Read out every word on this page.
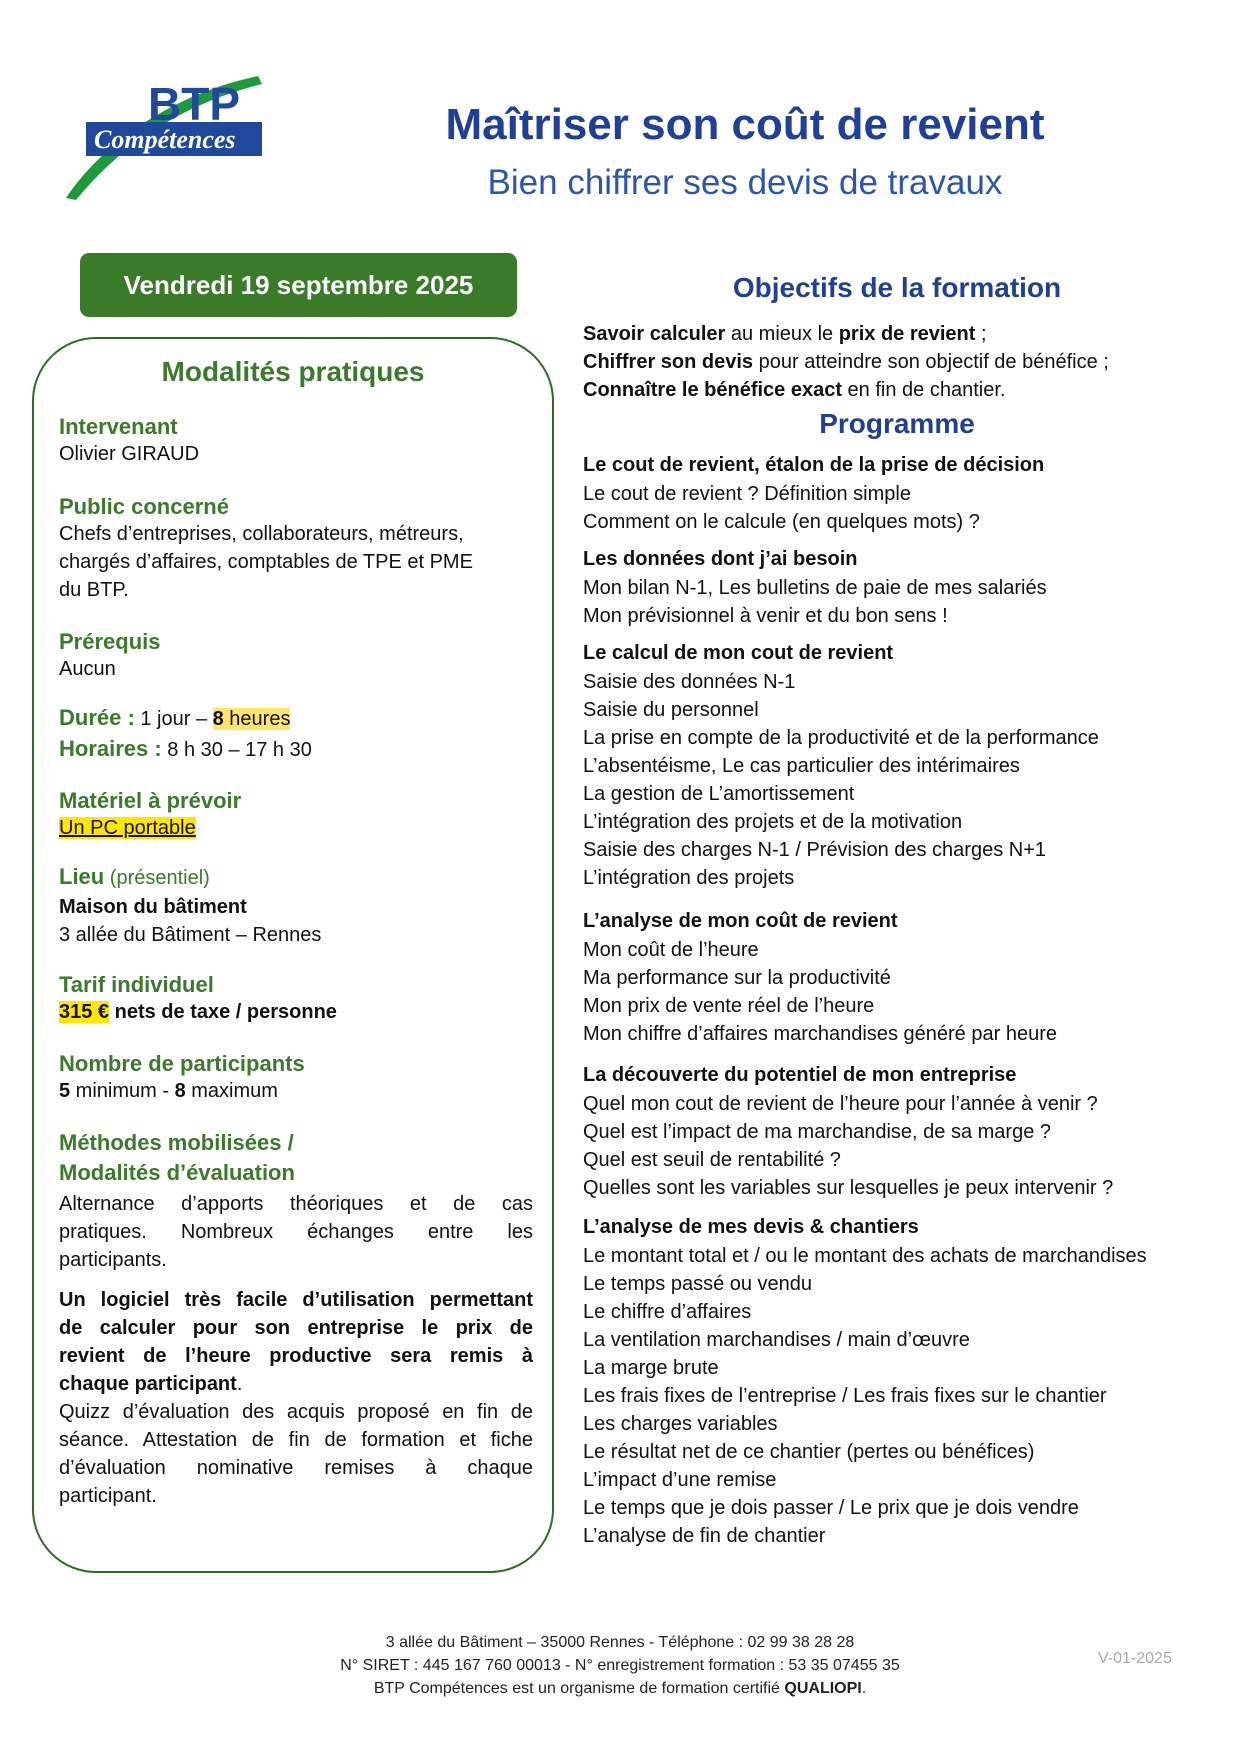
BTP
Compétences	Maîtriser son coût de revient
Bien chiffrer ses devis de travaux
Vendredi 19 septembre 2025
Modalités pratiques
Intervenant
Olivier GIRAUD
Public concerné
Chefs d’entreprises, collaborateurs, métreurs,
chargés d’affaires, comptables de TPE et PME
du BTP.
Prérequis
Aucun
Durée : 1 jour – 8 heures
Horaires : 8 h 30 – 17 h 30
Matériel à prévoir
Un PC portable
Lieu (présentiel)
Maison du bâtiment
3 allée du Bâtiment – Rennes
Tarif individuel
315 € nets de taxe / personne
Nombre de participants
5 minimum - 8 maximum
Méthodes mobilisées /
Modalités d’évaluation
Alternance d’apports théoriques et de cas
pratiques. Nombreux échanges entre les
participants.
Un logiciel très facile d’utilisation permettant
de calculer pour son entreprise le prix de
revient de l’heure productive sera remis à
chaque participant.
Quizz d’évaluation des acquis proposé en fin de
séance. Attestation de fin de formation et fiche
d’évaluation nominative remises à chaque
participant.
Objectifs de la formation
Savoir calculer au mieux le prix de revient ;
Chiffrer son devis pour atteindre son objectif de bénéfice ;
Connaître le bénéfice exact en fin de chantier.
Programme
Le cout de revient, étalon de la prise de décision
Le cout de revient ? Définition simple
Comment on le calcule (en quelques mots) ?
Les données dont j’ai besoin
Mon bilan N-1, Les bulletins de paie de mes salariés
Mon prévisionnel à venir et du bon sens !
Le calcul de mon cout de revient
Saisie des données N-1
Saisie du personnel
La prise en compte de la productivité et de la performance
L’absentéisme, Le cas particulier des intérimaires
La gestion de L’amortissement
L’intégration des projets et de la motivation
Saisie des charges N-1 / Prévision des charges N+1
L’intégration des projets
L’analyse de mon coût de revient
Mon coût de l’heure
Ma performance sur la productivité
Mon prix de vente réel de l’heure
Mon chiffre d’affaires marchandises généré par heure
La découverte du potentiel de mon entreprise
Quel mon cout de revient de l’heure pour l’année à venir ?
Quel est l’impact de ma marchandise, de sa marge ?
Quel est seuil de rentabilité ?
Quelles sont les variables sur lesquelles je peux intervenir ?
L’analyse de mes devis & chantiers
Le montant total et / ou le montant des achats de marchandises
Le temps passé ou vendu
Le chiffre d’affaires
La ventilation marchandises / main d’œuvre
La marge brute
Les frais fixes de l’entreprise / Les frais fixes sur le chantier
Les charges variables
Le résultat net de ce chantier (pertes ou bénéfices)
L’impact d’une remise
Le temps que je dois passer / Le prix que je dois vendre
L’analyse de fin de chantier
3 allée du Bâtiment – 35000 Rennes - Téléphone : 02 99 38 28 28
N° SIRET : 445 167 760 00013 - N° enregistrement formation : 53 35 07455 35
BTP Compétences est un organisme de formation certifié QUALIOPI.
V-01-2025
